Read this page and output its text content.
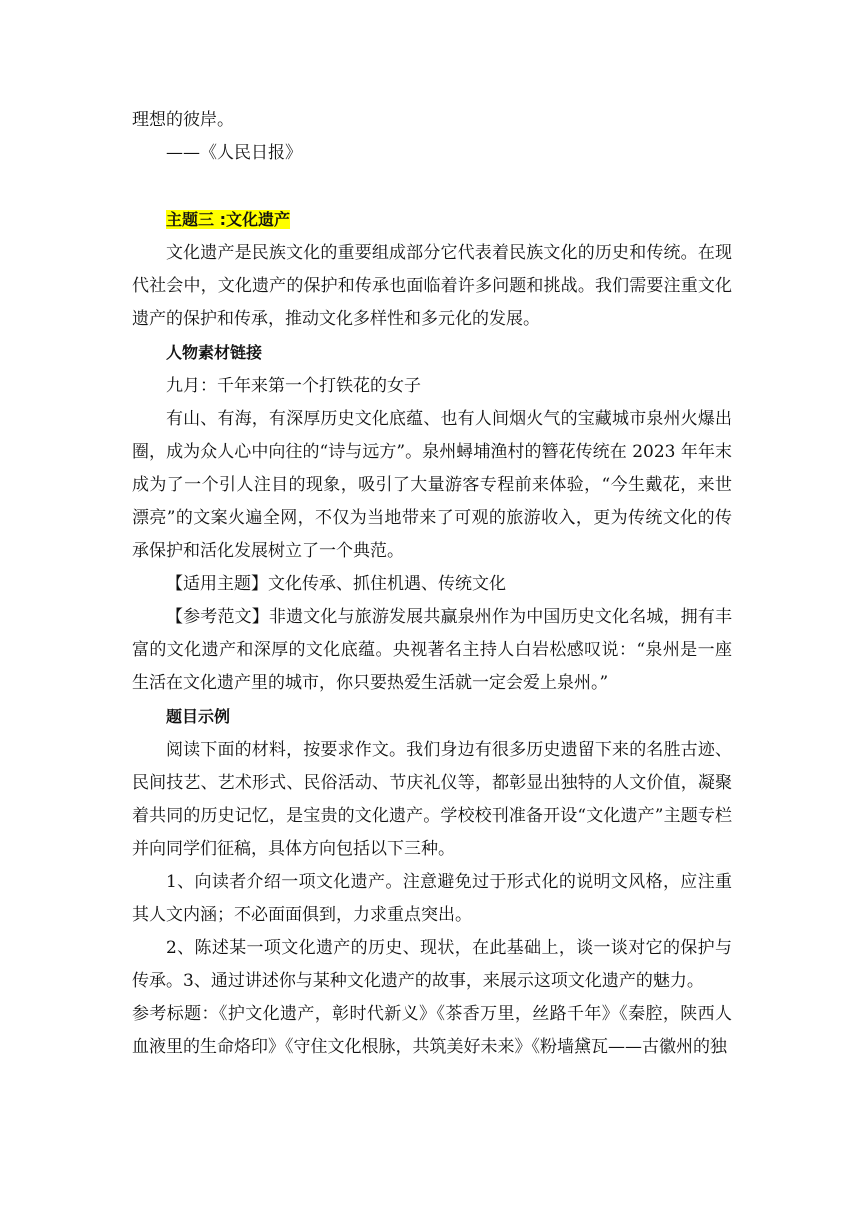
理想的彼岸。

——《人民日报》

主题三 :文化遗产

文化遗产是民族文化的重要组成部分它代表着民族文化的历史和传统。在现代社会中，文化遗产的保护和传承也面临着许多问题和挑战。我们需要注重文化遗产的保护和传承，推动文化多样性和多元化的发展。

人物素材链接

九月：千年来第一个打铁花的女子

有山、有海，有深厚历史文化底蕴、也有人间烟火气的宝藏城市泉州火爆出圈，成为众人心中向往的“诗与远方”。泉州蟳埔渔村的簪花传统在 2023 年年末成为了一个引人注目的现象，吸引了大量游客专程前来体验，“今生戴花，来世漂亮”的文案火遍全网，不仅为当地带来了可观的旅游收入，更为传统文化的传承保护和活化发展树立了一个典范。

【适用主题】文化传承、抓住机遇、传统文化

【参考范文】非遗文化与旅游发展共赢泉州作为中国历史文化名城，拥有丰富的文化遗产和深厚的文化底蕴。央视著名主持人白岩松感叹说：“泉州是一座生活在文化遗产里的城市，你只要热爱生活就一定会爱上泉州。”

题目示例

阅读下面的材料，按要求作文。我们身边有很多历史遗留下来的名胜古迹、民间技艺、艺术形式、民俗活动、节庆礼仪等，都彰显出独特的人文价值，凝聚着共同的历史记忆，是宝贵的文化遗产。学校校刊准备开设“文化遗产”主题专栏并向同学们征稿，具体方向包括以下三种。

1、向读者介绍一项文化遗产。注意避免过于形式化的说明文风格，应注重其人文内涵；不必面面俱到，力求重点突出。

2、陈述某一项文化遗产的历史、现状，在此基础上，谈一谈对它的保护与传承。3、通过讲述你与某种文化遗产的故事，来展示这项文化遗产的魅力。

参考标题：《护文化遗产，彰时代新义》《茶香万里，丝路千年》《秦腔，陕西人血液里的生命烙印》《守住文化根脉，共筑美好未来》《粉墙黛瓦——古徽州的独
